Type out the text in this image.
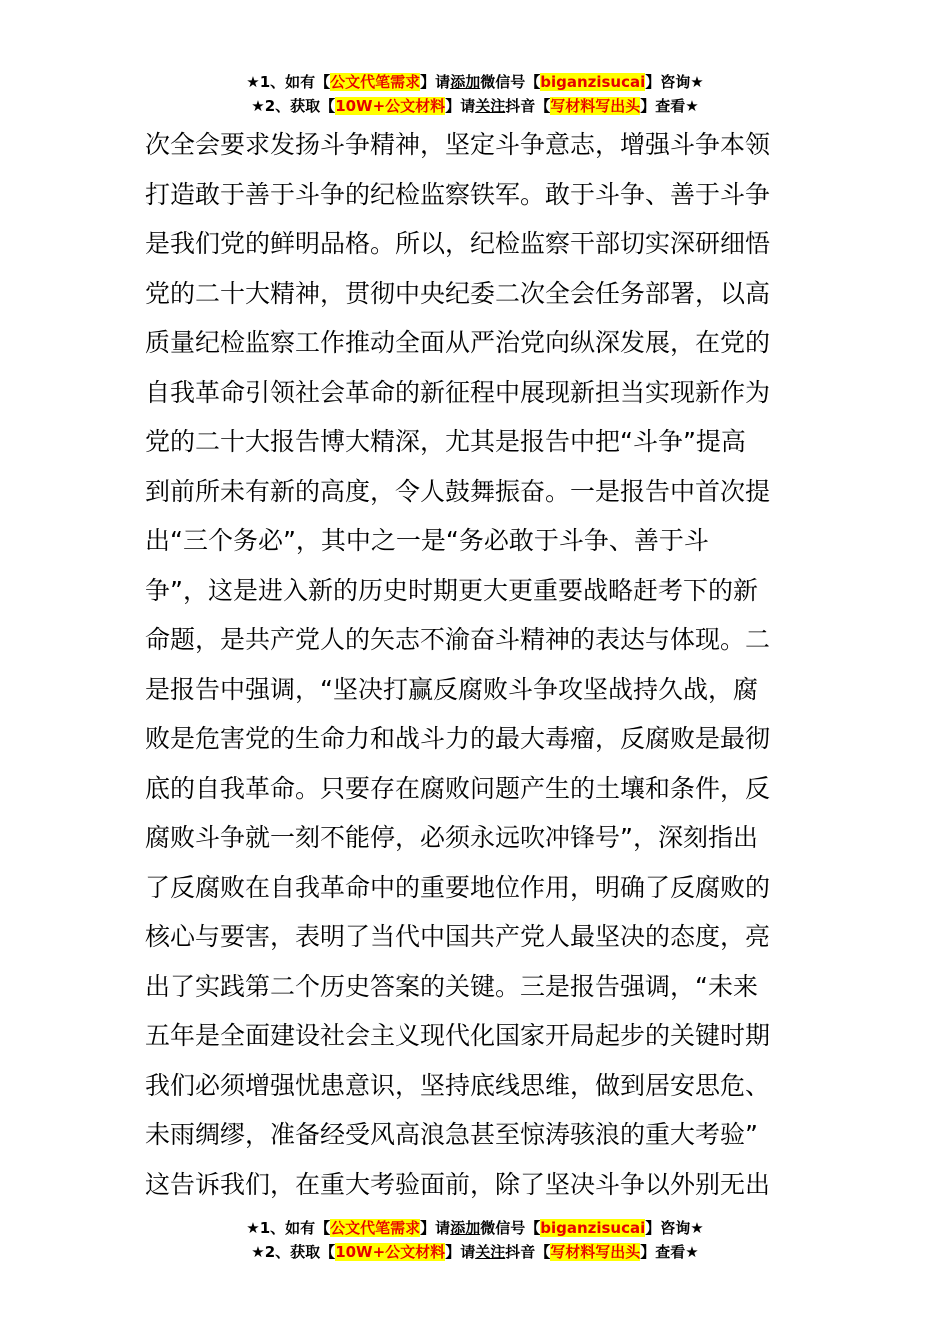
★1、如有【公文代笔需求】请添加微信号【biganzisucai】咨询★
★2、获取【10W+公文材料】请关注抖音【写材料写出头】查看★
次全会要求发扬斗争精神，坚定斗争意志，增强斗争本领
打造敢于善于斗争的纪检监察铁军。敢于斗争、善于斗争
是我们党的鲜明品格。所以，纪检监察干部切实深研细悟
党的二十大精神，贯彻中央纪委二次全会任务部署，以高
质量纪检监察工作推动全面从严治党向纵深发展，在党的
自我革命引领社会革命的新征程中展现新担当实现新作为
党的二十大报告博大精深，尤其是报告中把“斗争”提高
到前所未有新的高度，令人鼓舞振奋。一是报告中首次提
出“三个务必”，其中之一是“务必敢于斗争、善于斗
争”，这是进入新的历史时期更大更重要战略赶考下的新
命题，是共产党人的矢志不渝奋斗精神的表达与体现。二
是报告中强调，“坚决打赢反腐败斗争攻坚战持久战，腐
败是危害党的生命力和战斗力的最大毒瘤，反腐败是最彻
底的自我革命。只要存在腐败问题产生的土壤和条件，反
腐败斗争就一刻不能停，必须永远吹冲锋号”，深刻指出
了反腐败在自我革命中的重要地位作用，明确了反腐败的
核心与要害，表明了当代中国共产党人最坚决的态度，亮
出了实践第二个历史答案的关键。三是报告强调，“未来
五年是全面建设社会主义现代化国家开局起步的关键时期
我们必须增强忧患意识，坚持底线思维，做到居安思危、
未雨绸缪，准备经受风高浪急甚至惊涛骇浪的重大考验”
这告诉我们，在重大考验面前，除了坚决斗争以外别无出
★1、如有【公文代笔需求】请添加微信号【biganzisucai】咨询★
★2、获取【10W+公文材料】请关注抖音【写材料写出头】查看★
